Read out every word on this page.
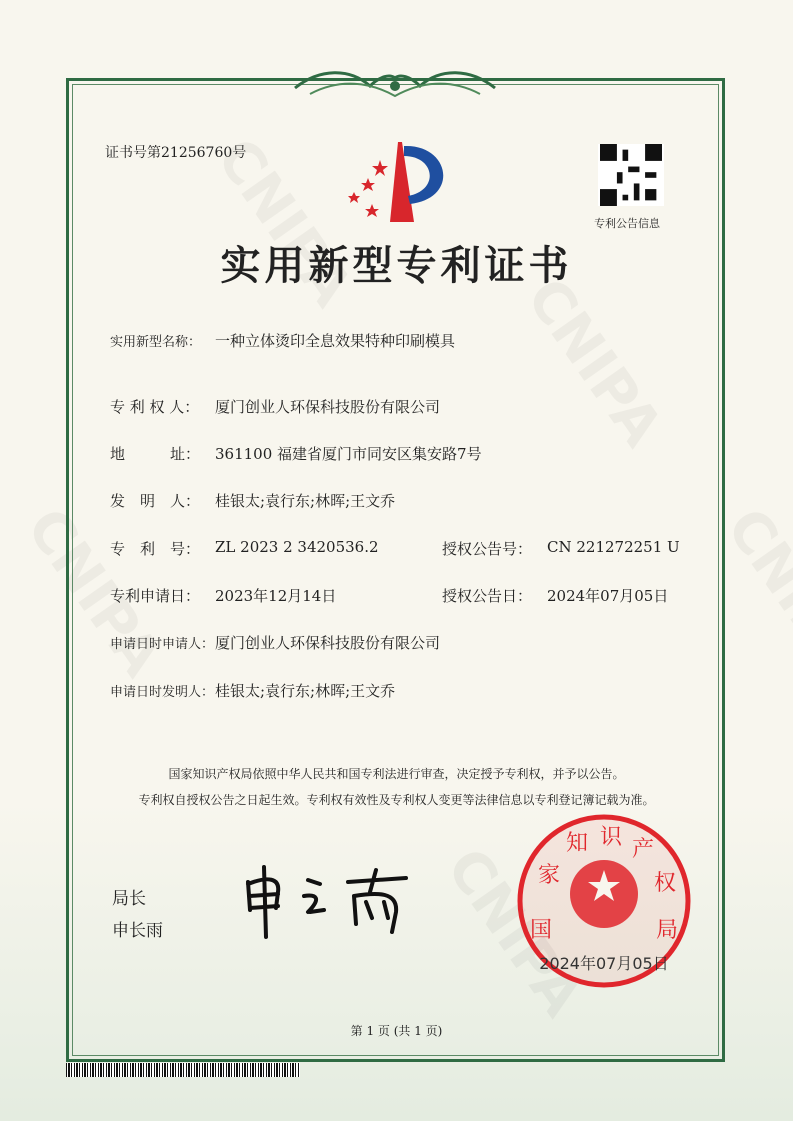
证书号第21256760号
专利公告信息
实用新型专利证书
实用新型名称： 一种立体烫印全息效果特种印刷模具
专 利 权 人： 厦门创业人环保科技股份有限公司
地　　　址： 361100 福建省厦门市同安区集安路7号
发　明　人： 桂银太;袁行东;林晖;王文乔
专　利　号： ZL 2023 2 3420536.2	授权公告号： CN 221272251 U
专利申请日： 2023年12月14日	授权公告日： 2024年07月05日
申请日时申请人： 厦门创业人环保科技股份有限公司
申请日时发明人： 桂银太;袁行东;林晖;王文乔
国家知识产权局依照中华人民共和国专利法进行审查，决定授予专利权，并予以公告。
专利权自授权公告之日起生效。专利权有效性及专利权人变更等法律信息以专利登记簿记载为准。
局长
申长雨	国
家
知 识 产
权
局
2024年07月05日
第 1 页 (共 1 页)
